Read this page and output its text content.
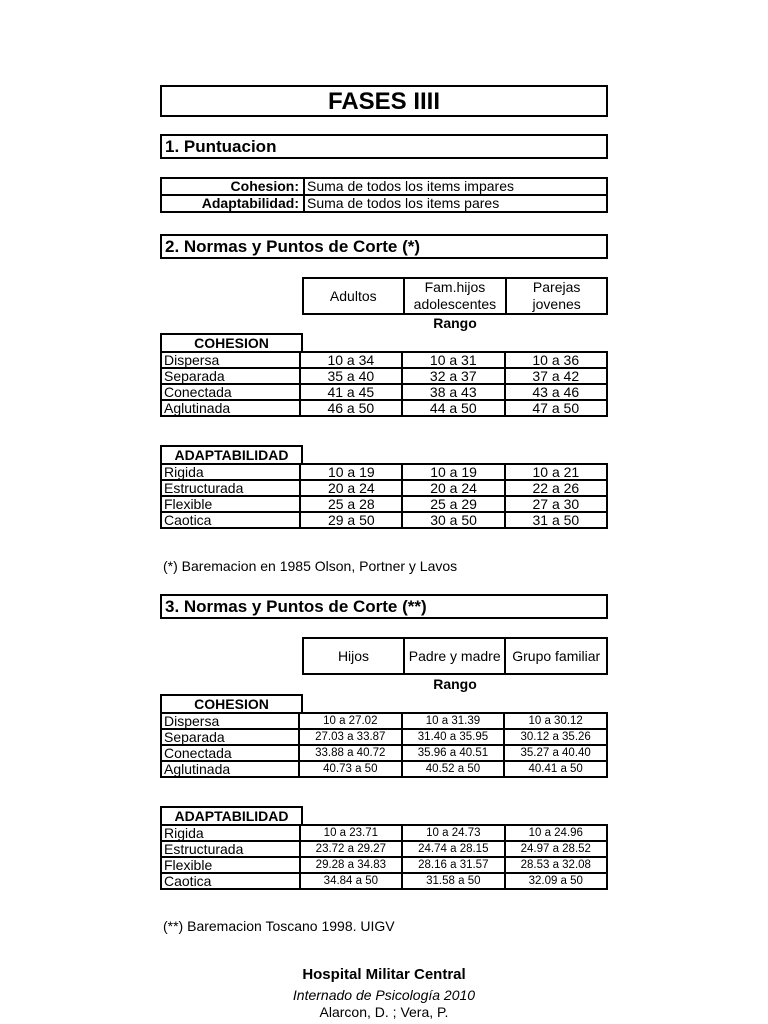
FASES IIII
1. Puntuacion
Cohesion:	Suma de todos los items impares
Adaptabilidad:	Suma de todos los items pares
2. Normas y Puntos de Corte (*)
Adultos	Fam.hijos adolescentes	Parejas jovenes
Rango
COHESION
Dispersa	10 a 34	10 a 31	10 a 36
Separada	35 a 40	32 a 37	37 a 42
Conectada	41 a 45	38 a 43	43 a 46
Aglutinada	46 a 50	44 a 50	47 a 50
ADAPTABILIDAD
Rigida	10 a 19	10 a 19	10 a 21
Estructurada	20 a 24	20 a 24	22 a 26
Flexible	25 a 28	25 a 29	27 a 30
Caotica	29 a 50	30 a 50	31 a 50
(*) Baremacion en 1985 Olson, Portner y Lavos
3. Normas y Puntos de Corte (**)
Hijos	Padre y madre	Grupo familiar
Rango
COHESION
Dispersa	10 a 27.02	10 a 31.39	10 a 30.12
Separada	27.03 a 33.87	31.40 a 35.95	30.12 a 35.26
Conectada	33.88 a 40.72	35.96 a 40.51	35.27 a 40.40
Aglutinada	40.73 a 50	40.52 a 50	40.41 a 50
ADAPTABILIDAD
Rigida	10 a 23.71	10 a 24.73	10 a 24.96
Estructurada	23.72 a 29.27	24.74 a 28.15	24.97 a 28.52
Flexible	29.28 a 34.83	28.16 a 31.57	28.53 a 32.08
Caotica	34.84 a 50	31.58 a 50	32.09 a 50
(**) Baremacion Toscano 1998. UIGV
Hospital Militar Central
Internado de Psicología 2010
Alarcon, D. ; Vera, P.
